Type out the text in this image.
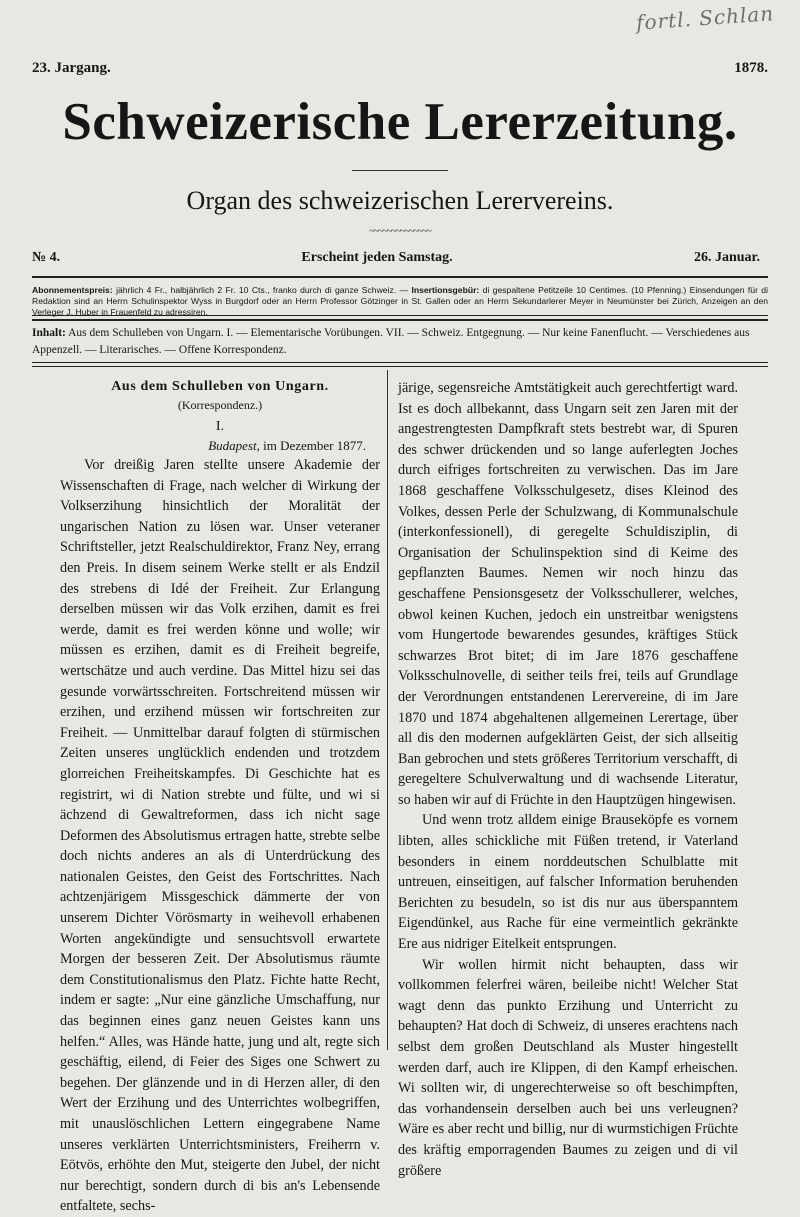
fortl. Schlan
23. Jargang.	1878.
Schweizerische Lererzeitung.
Organ des schweizerischen Lerervereins.
~~~~~~~~~~~~~~
№ 4.	Erscheint jeden Samstag.	26. Januar.
Abonnementspreis: jährlich 4 Fr., halbjährlich 2 Fr. 10 Cts., franko durch di ganze Schweiz. — Insertionsgebür: di gespaltene Petitzeile 10 Centimes. (10 Pfenning.) Einsendungen für di Redaktion sind an Herrn Schulinspektor Wyss in Burgdorf oder an Herrn Professor Götzinger in St. Gallen oder an Herrn Sekundarlerer Meyer in Neumünster bei Zürich, Anzeigen an den Verleger J. Huber in Frauenfeld zu adressiren.
Inhalt: Aus dem Schulleben von Ungarn. I. — Elementarische Vorübungen. VII. — Schweiz. Entgegnung. — Nur keine Fanenflucht. — Verschiedenes aus Appenzell. — Literarisches. — Offene Korrespondenz.
Aus dem Schulleben von Ungarn.
(Korrespondenz.)
I.
Budapest, im Dezember 1877.

Vor dreißig Jaren stellte unsere Akademie der Wissenschaften di Frage, nach welcher di Wirkung der Volkserzihung hinsichtlich der Moralität der ungarischen Nation zu lösen war. Unser veteraner Schriftsteller, jetzt Realschuldirektor, Franz Ney, errang den Preis. In disem seinem Werke stellt er als Endzil des strebens di Idé der Freiheit. Zur Erlangung derselben müssen wir das Volk erzihen, damit es frei werde, damit es frei werden könne und wolle; wir müssen es erzihen, damit es di Freiheit begreife, wertschätze und auch verdine. Das Mittel hizu sei das gesunde vorwärtsschreiten. Fortschreitend müssen wir erzihen, und erzihend müssen wir fortschreiten zur Freiheit. — Unmittelbar darauf folgten di stürmischen Zeiten unseres unglücklich endenden und trotzdem glorreichen Freiheitskampfes. Di Geschichte hat es registrirt, wi di Nation strebte und fülte, und wi si ächzend di Gewaltreformen, dass ich nicht sage Deformen des Absolutismus ertragen hatte, strebte selbe doch nichts anderes an als di Unterdrückung des nationalen Geistes, den Geist des Fortschrittes. Nach achtzenjärigem Missgeschick dämmerte der von unserem Dichter Vörösmarty in weihevoll erhabenen Worten angekündigte und sensuchtsvoll erwartete Morgen der besseren Zeit. Der Absolutismus räumte dem Constitutionalismus den Platz. Fichte hatte Recht, indem er sagte: „Nur eine gänzliche Umschaffung, nur das beginnen eines ganz neuen Geistes kann uns helfen.“ Alles, was Hände hatte, jung und alt, regte sich geschäftig, eilend, di Feier des Siges one Schwert zu begehen. Der glänzende und in di Herzen aller, di den Wert der Erzihung und des Unterrichtes wolbegriffen, mit unauslöschlichen Lettern eingegrabene Name unseres verklärten Unterrichtsministers, Freiherrn v. Eötvös, erhöhte den Mut, steigerte den Jubel, der nicht nur berechtigt, sondern durch di bis an's Lebensende entfaltete, sechs-

järige, segensreiche Amtstätigkeit auch gerechtfertigt ward. Ist es doch allbekannt, dass Ungarn seit zen Jaren mit der angestrengtesten Dampfkraft stets bestrebt war, di Spuren des schwer drückenden und so lange auferlegten Joches durch eifriges fortschreiten zu verwischen. Das im Jare 1868 geschaffene Volksschulgesetz, dises Kleinod des Volkes, dessen Perle der Schulzwang, di Kommunalschule (interkonfessionell), di geregelte Schuldisziplin, di Organisation der Schulinspektion sind di Keime des gepflanzten Baumes. Nemen wir noch hinzu das geschaffene Pensionsgesetz der Volksschullerer, welches, obwol keinen Kuchen, jedoch ein unstreitbar wenigstens vom Hungertode bewarendes gesundes, kräftiges Stück schwarzes Brot bitet; di im Jare 1876 geschaffene Volksschulnovelle, di seither teils frei, teils auf Grundlage der Verordnungen entstandenen Lerervereine, di im Jare 1870 und 1874 abgehaltenen allgemeinen Lerertage, über all dis den modernen aufgeklärten Geist, der sich allseitig Ban gebrochen und stets größeres Territorium verschafft, di geregeltere Schulverwaltung und di wachsende Literatur, so haben wir auf di Früchte in den Hauptzügen hingewisen.

Und wenn trotz alldem einige Brauseköpfe es vornem libten, alles schickliche mit Füßen tretend, ir Vaterland besonders in einem norddeutschen Schulblatte mit untreuen, einseitigen, auf falscher Information beruhenden Berichten zu besudeln, so ist dis nur aus überspanntem Eigendünkel, aus Rache für eine vermeintlich gekränkte Ere aus nidriger Eitelkeit entsprungen.

Wir wollen hirmit nicht behaupten, dass wir vollkommen felerfrei wären, beileibe nicht! Welcher Stat wagt denn das punkto Erzihung und Unterricht zu behaupten? Hat doch di Schweiz, di unseres erachtens nach selbst dem großen Deutschland als Muster hingestellt werden darf, auch ire Klippen, di den Kampf erheischen. Wi sollten wir, di ungerechterweise so oft beschimpften, das vorhandensein derselben auch bei uns verleugnen? Wäre es aber recht und billig, nur di wurmstichigen Früchte des kräftig emporragenden Baumes zu zeigen und di vil größere
